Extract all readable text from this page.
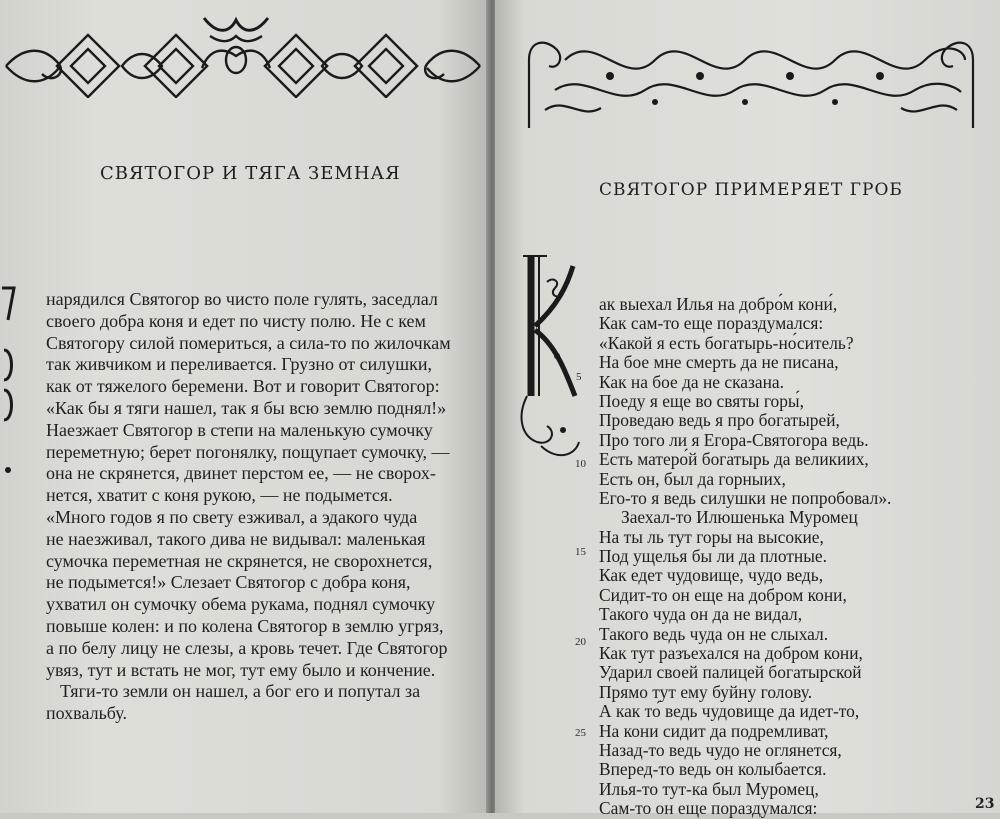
СВЯТОГОР И ТЯГА ЗЕМНАЯ
нарядился Святогор во чисто поле гулять, заседлал
своего добра коня и едет по чисту полю. Не с кем
Святогору силой помериться, а сила-то по жилочкам
так живчиком и переливается. Грузно от силушки,
как от тяжелого беремени. Вот и говорит Святогор:
«Как бы я тяги нашел, так я бы всю землю поднял!»
Наезжает Святогор в степи на маленькую сумочку
переметную; берет погонялку, пощупает сумочку, —
она не скрянется, двинет перстом ее, — не сворох-
нется, хватит с коня рукою, — не подымется.
«Много годов я по свету езживал, а эдакого чуда
не наезживал, такого дива не видывал: маленькая
сумочка переметная не скрянется, не сворохнется,
не подымется!» Слезает Святогор с добра коня,
ухватил он сумочку обема рукама, поднял сумочку
повыше колен: и по колена Святогор в землю угряз,
а по белу лицу не слезы, а кровь течет. Где Святогор
увяз, тут и встать не мог, тут ему было и кончение.
Тяги-то земли он нашел, а бог его и попутал за
похвальбу.
СВЯТОГОР ПРИМЕРЯЕТ ГРОБ
5
10
15
20
25
ак выехал Илья на добро́м кони́,
Как сам-то еще пораздумался:
«Какой я есть богатырь-но́ситель?
На бое мне смерть да не писана,
Как на бое да не сказана.
Поеду я еще во святы горы́,
Проведаю ведь я про богатырей,
Про того ли я Егора-Святогора ведь.
Есть матеро́й богатырь да великиих,
Есть он, был да горныих,
Его-то я ведь силушки не попробовал».
Заехал-то Илюшенька Муромец
На ты ль тут горы на высокие,
Под ущелья бы ли да плотные.
Как едет чудовище, чудо ведь,
Сидит-то он еще на добром кони,
Такого чуда он да не видал,
Такого ведь чуда он не слыхал.
Как тут разъехался на добром кони,
Ударил своей палицей богатырской
Прямо тут ему буйну голову.
А как то́ ведь чудовище да идет-то,
На кони сидит да подремливат,
Назад-то ведь чудо не оглянется,
Вперед-то ведь он колыбается.
Илья-то тут-ка был Муромец,
Сам-то он еще пораздумался:	23
